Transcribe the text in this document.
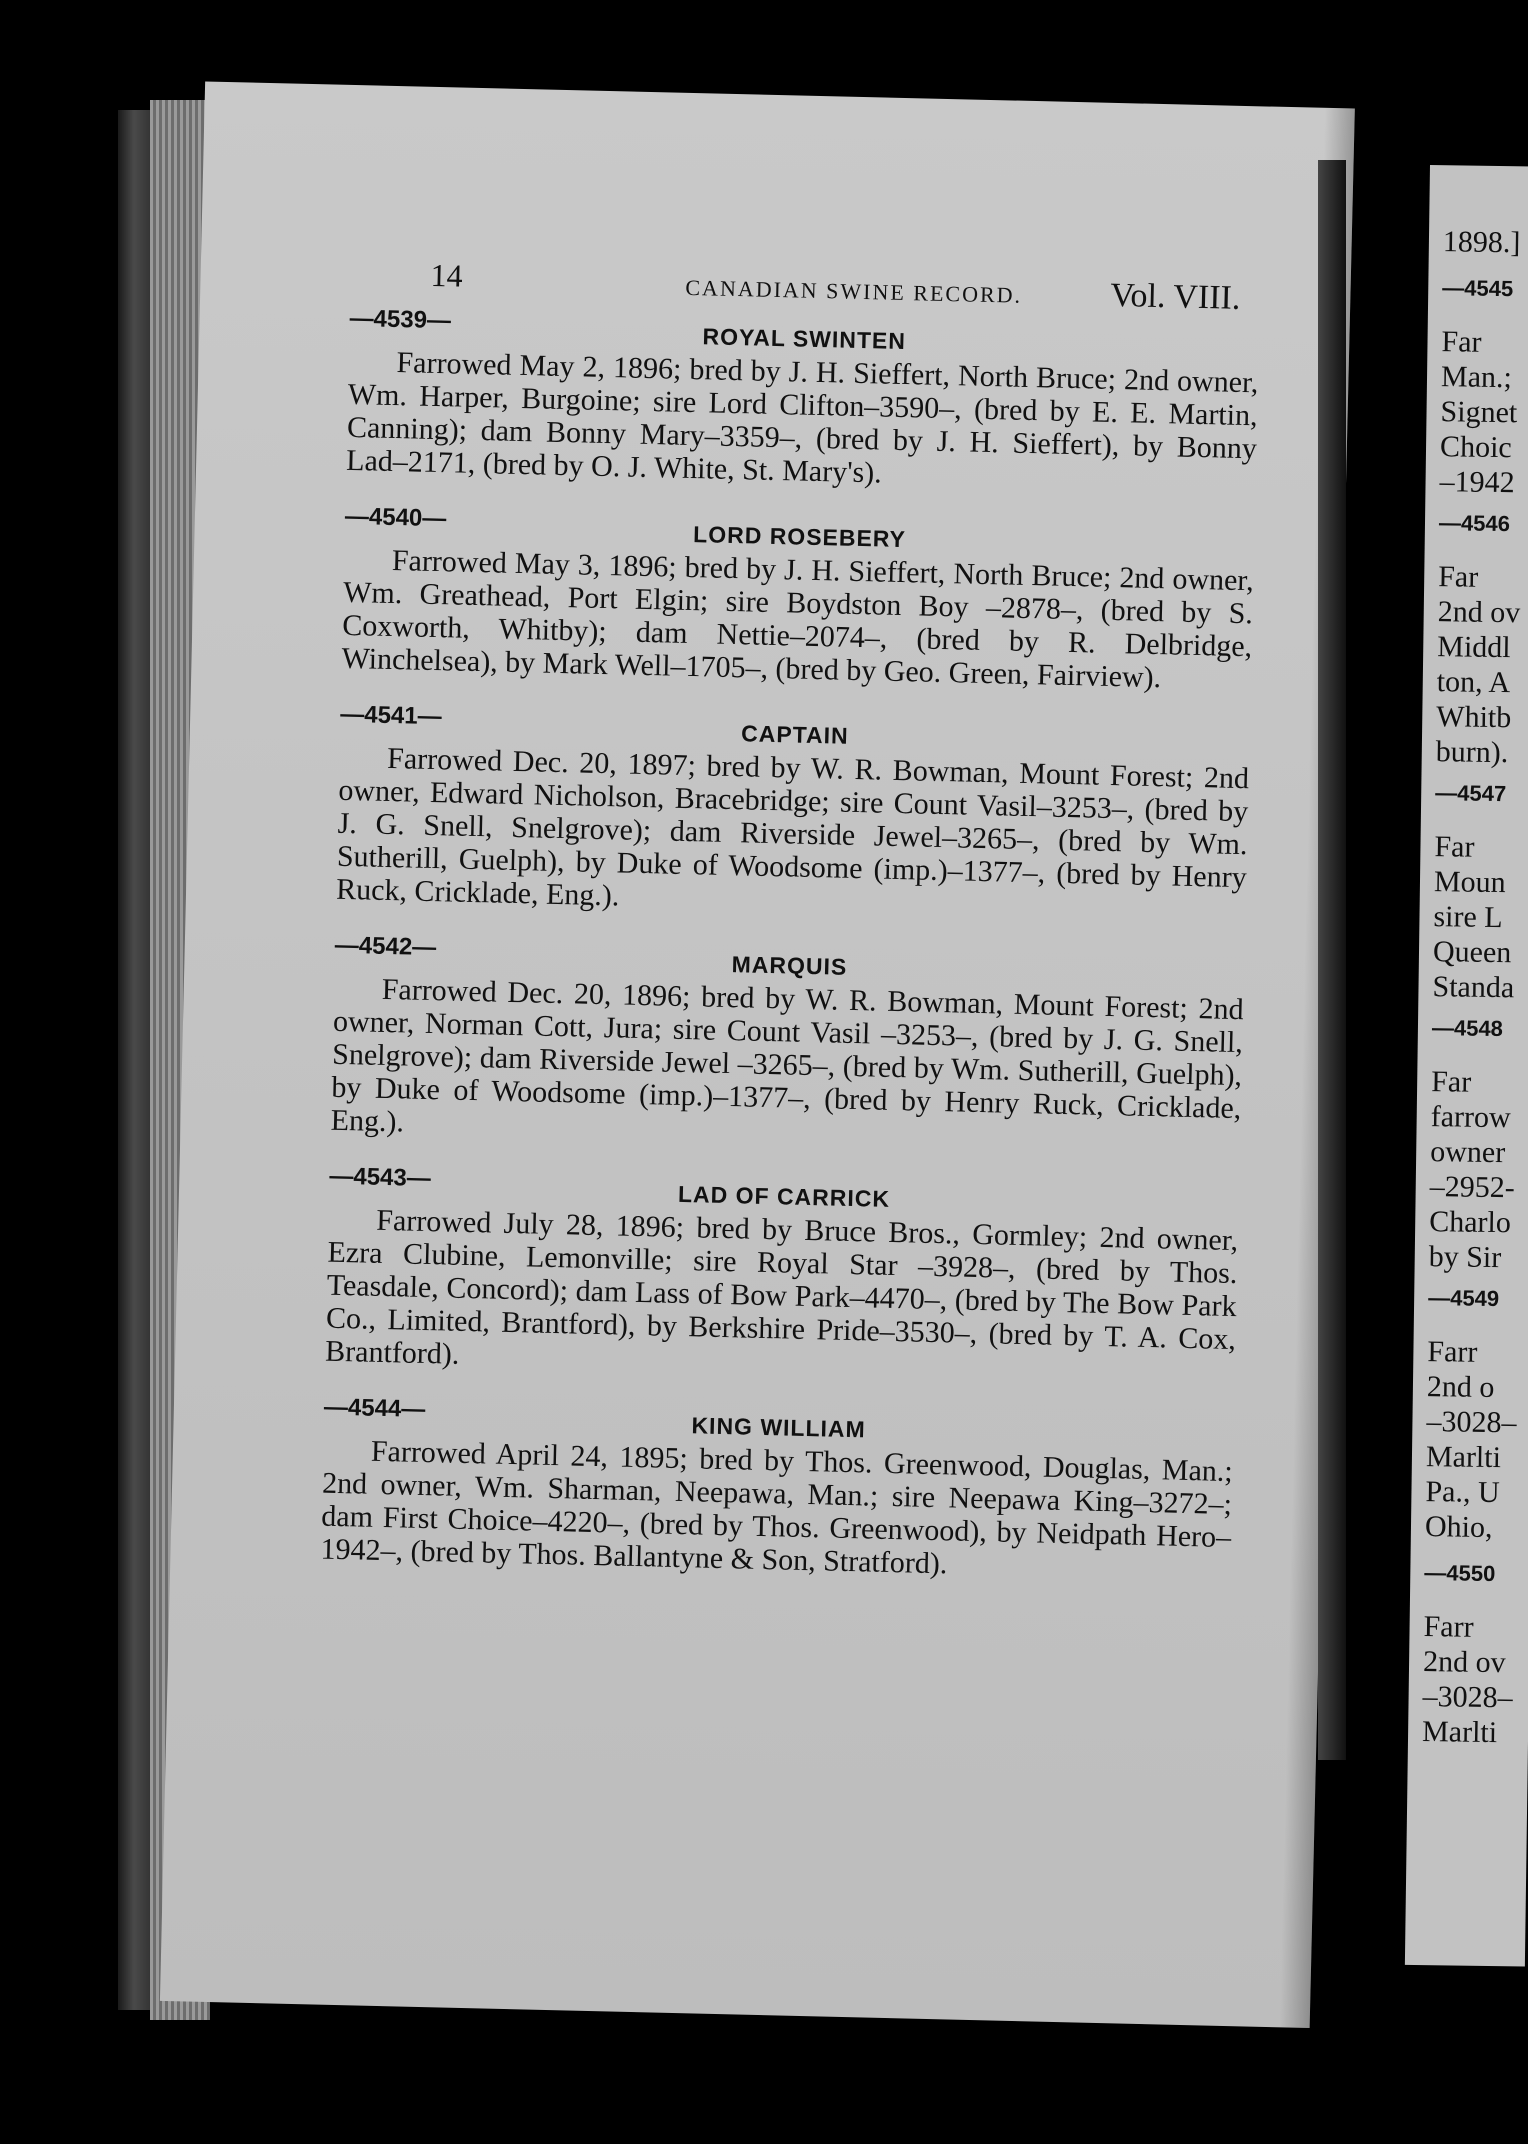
14	CANADIAN SWINE RECORD.	Vol. VIII.
—4539—
ROYAL SWINTEN

Farrowed May 2, 1896; bred by J. H. Sieffert, North Bruce; 2nd owner, Wm. Harper, Burgoine; sire Lord Clifton–3590–, (bred by E. E. Martin, Canning); dam Bonny Mary–3359–, (bred by J. H. Sieffert), by Bonny Lad–2171, (bred by O. J. White, St. Mary's).

—4540—
LORD ROSEBERY

Farrowed May 3, 1896; bred by J. H. Sieffert, North Bruce; 2nd owner, Wm. Greathead, Port Elgin; sire Boydston Boy –2878–, (bred by S. Coxworth, Whitby); dam Nettie–2074–, (bred by R. Delbridge, Winchelsea), by Mark Well–1705–, (bred by Geo. Green, Fairview).

—4541—
CAPTAIN

Farrowed Dec. 20, 1897; bred by W. R. Bowman, Mount Forest; 2nd owner, Edward Nicholson, Bracebridge; sire Count Vasil–3253–, (bred by J. G. Snell, Snelgrove); dam Riverside Jewel–3265–, (bred by Wm. Sutherill, Guelph), by Duke of Woodsome (imp.)–1377–, (bred by Henry Ruck, Cricklade, Eng.).

—4542—
MARQUIS

Farrowed Dec. 20, 1896; bred by W. R. Bowman, Mount Forest; 2nd owner, Norman Cott, Jura; sire Count Vasil –3253–, (bred by J. G. Snell, Snelgrove); dam Riverside Jewel –3265–, (bred by Wm. Sutherill, Guelph), by Duke of Woodsome (imp.)–1377–, (bred by Henry Ruck, Cricklade, Eng.).

—4543—
LAD OF CARRICK

Farrowed July 28, 1896; bred by Bruce Bros., Gormley; 2nd owner, Ezra Clubine, Lemonville; sire Royal Star –3928–, (bred by Thos. Teasdale, Concord); dam Lass of Bow Park–4470–, (bred by The Bow Park Co., Limited, Brantford), by Berkshire Pride–3530–, (bred by T. A. Cox, Brantford).

—4544—
KING WILLIAM

Farrowed April 24, 1895; bred by Thos. Greenwood, Douglas, Man.; 2nd owner, Wm. Sharman, Neepawa, Man.; sire Neepawa King–3272–; dam First Choice–4220–, (bred by Thos. Greenwood), by Neidpath Hero–1942–, (bred by Thos. Ballantyne & Son, Stratford).

1898.]
—4545
Far
Man.;
Signet
Choic
–1942
—4546
Far
2nd ov
Middl
ton, A
Whitb
burn).
—4547
Far
Moun
sire L
Queen
Standa
—4548
Far
farrow
owner
–2952-
Charlo
by Sir
—4549
Farr
2nd o
–3028–
Marlti
Pa., U
Ohio,
—4550
Farr
2nd ov
–3028–
Marlti
